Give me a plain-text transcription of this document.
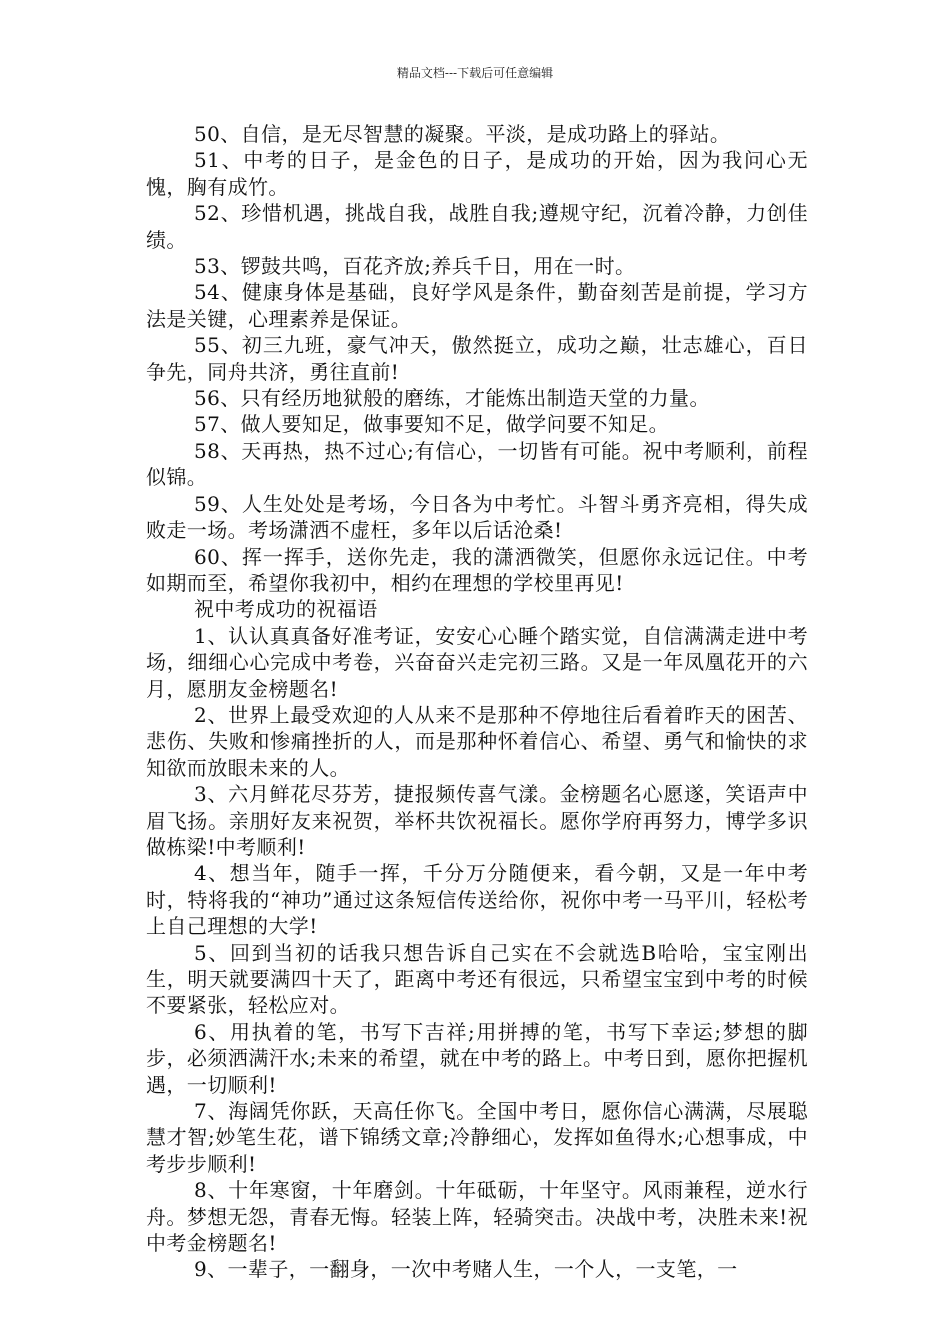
精品文档---下载后可任意编辑

50、自信，是无尽智慧的凝聚。平淡，是成功路上的驿站。

51、中考的日子，是金色的日子，是成功的开始，因为我问心无愧，胸有成竹。

52、珍惜机遇，挑战自我，战胜自我;遵规守纪，沉着冷静，力创佳绩。

53、锣鼓共鸣，百花齐放;养兵千日，用在一时。

54、健康身体是基础，良好学风是条件，勤奋刻苦是前提，学习方法是关键，心理素养是保证。

55、初三九班，豪气冲天，傲然挺立，成功之巅，壮志雄心，百日争先，同舟共济，勇往直前!

56、只有经历地狱般的磨练，才能炼出制造天堂的力量。

57、做人要知足，做事要知不足，做学问要不知足。

58、天再热，热不过心;有信心，一切皆有可能。祝中考顺利，前程似锦。

59、人生处处是考场，今日各为中考忙。斗智斗勇齐亮相，得失成败走一场。考场潇洒不虚枉，多年以后话沧桑!

60、挥一挥手，送你先走，我的潇洒微笑，但愿你永远记住。中考如期而至，希望你我初中，相约在理想的学校里再见!

祝中考成功的祝福语

1、认认真真备好准考证，安安心心睡个踏实觉，自信满满走进中考场，细细心心完成中考卷，兴奋奋兴走完初三路。又是一年凤凰花开的六月，愿朋友金榜题名!

2、世界上最受欢迎的人从来不是那种不停地往后看着昨天的困苦、悲伤、失败和惨痛挫折的人，而是那种怀着信心、希望、勇气和愉快的求知欲而放眼未来的人。

3、六月鲜花尽芬芳，捷报频传喜气漾。金榜题名心愿遂，笑语声中眉飞扬。亲朋好友来祝贺，举杯共饮祝福长。愿你学府再努力，博学多识做栋梁!中考顺利!

4、想当年，随手一挥，千分万分随便来，看今朝，又是一年中考时，特将我的“神功”通过这条短信传送给你，祝你中考一马平川，轻松考上自己理想的大学!

5、回到当初的话我只想告诉自己实在不会就选B哈哈，宝宝刚出生，明天就要满四十天了，距离中考还有很远，只希望宝宝到中考的时候不要紧张，轻松应对。

6、用执着的笔，书写下吉祥;用拼搏的笔，书写下幸运;梦想的脚步，必须洒满汗水;未来的希望，就在中考的路上。中考日到，愿你把握机遇，一切顺利!

7、海阔凭你跃，天高任你飞。全国中考日，愿你信心满满，尽展聪慧才智;妙笔生花，谱下锦绣文章;冷静细心，发挥如鱼得水;心想事成，中考步步顺利!

8、十年寒窗，十年磨剑。十年砥砺，十年坚守。风雨兼程，逆水行舟。梦想无怨，青春无悔。轻装上阵，轻骑突击。决战中考，决胜未来!祝中考金榜题名!

9、一辈子，一翻身，一次中考赌人生，一个人，一支笔，一
